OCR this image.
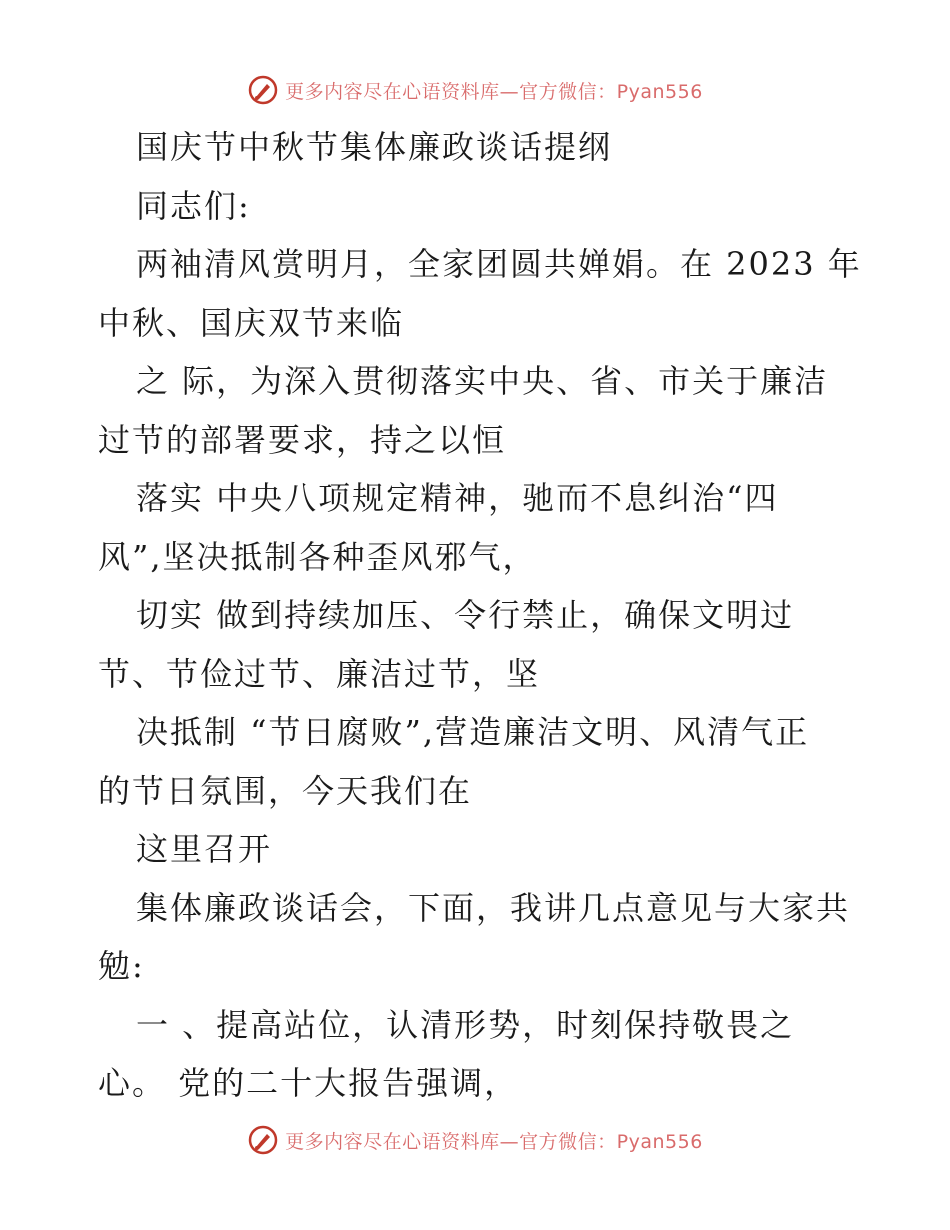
更多内容尽在心语资料库—官方微信：Pyan556
国庆节中秋节集体廉政谈话提纲
同志们:
两袖清风赏明月，全家团圆共婵娟。在 2023 年
中秋、国庆双节来临
之 际，为深入贯彻落实中央、省、市关于廉洁
过节的部署要求，持之以恒
落实 中央八项规定精神，驰而不息纠治“四
风”,坚决抵制各种歪风邪气，
切实 做到持续加压、令行禁止，确保文明过
节、节俭过节、廉洁过节，坚
决抵制 “节日腐败”,营造廉洁文明、风清气正
的节日氛围，今天我们在
这里召开
集体廉政谈话会，下面，我讲几点意见与大家共
勉:
一 、提高站位，认清形势，时刻保持敬畏之
心。 党的二十大报告强调，
更多内容尽在心语资料库—官方微信：Pyan556
